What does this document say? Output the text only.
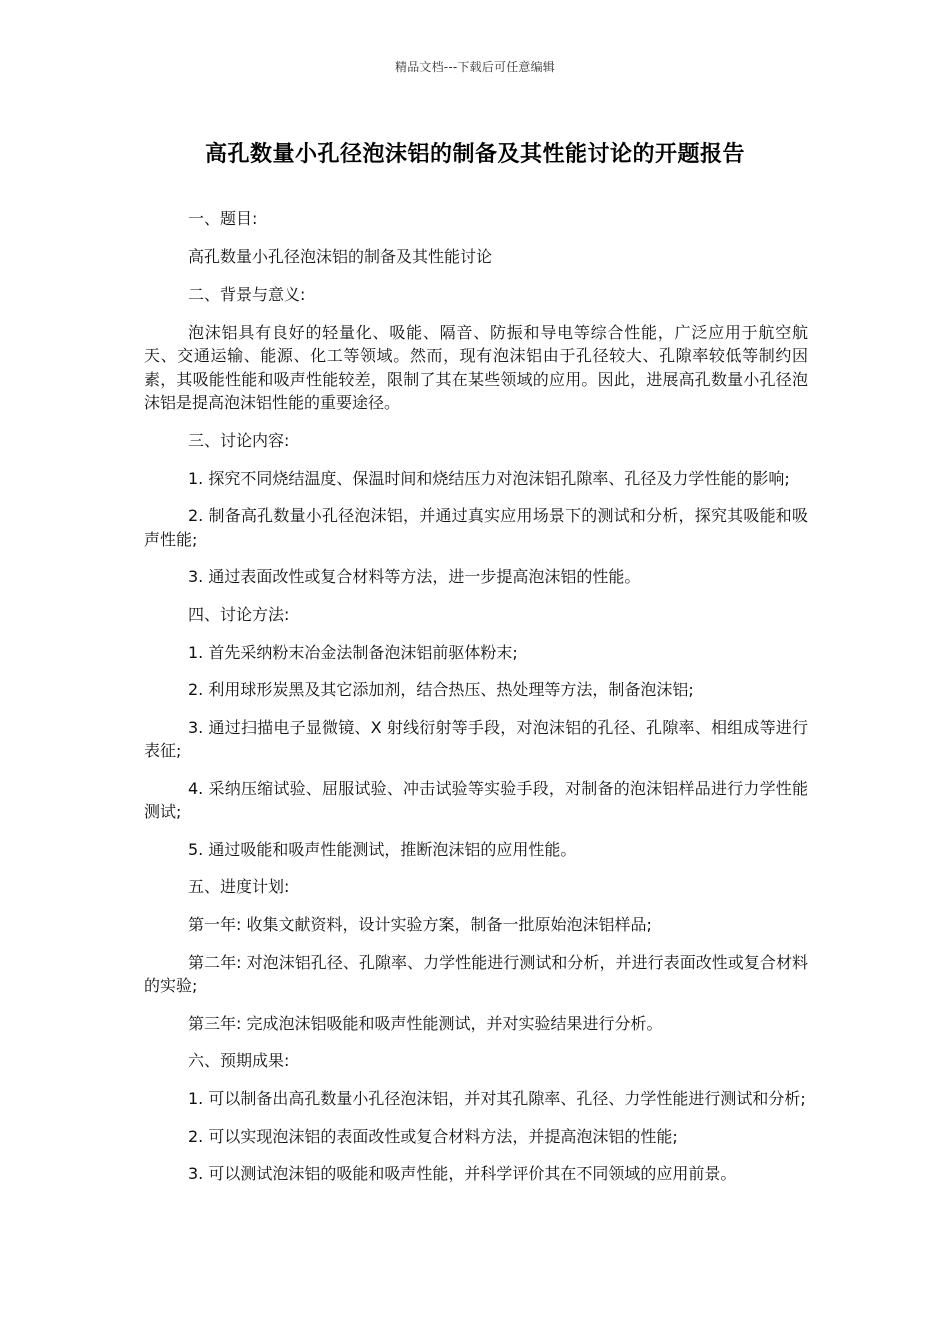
精品文档---下载后可任意编辑
高孔数量小孔径泡沫铝的制备及其性能讨论的开题报告

一、题目:

高孔数量小孔径泡沫铝的制备及其性能讨论

二、背景与意义:

泡沫铝具有良好的轻量化、吸能、隔音、防振和导电等综合性能，广泛应用于航空航天、交通运输、能源、化工等领域。然而，现有泡沫铝由于孔径较大、孔隙率较低等制约因素，其吸能性能和吸声性能较差，限制了其在某些领域的应用。因此，进展高孔数量小孔径泡沫铝是提高泡沫铝性能的重要途径。

三、讨论内容:

1. 探究不同烧结温度、保温时间和烧结压力对泡沫铝孔隙率、孔径及力学性能的影响;

2. 制备高孔数量小孔径泡沫铝，并通过真实应用场景下的测试和分析，探究其吸能和吸声性能;

3. 通过表面改性或复合材料等方法，进一步提高泡沫铝的性能。

四、讨论方法:

1. 首先采纳粉末冶金法制备泡沫铝前驱体粉末;

2. 利用球形炭黑及其它添加剂，结合热压、热处理等方法，制备泡沫铝;

3. 通过扫描电子显微镜、X 射线衍射等手段，对泡沫铝的孔径、孔隙率、相组成等进行表征;

4. 采纳压缩试验、屈服试验、冲击试验等实验手段，对制备的泡沫铝样品进行力学性能测试;

5. 通过吸能和吸声性能测试，推断泡沫铝的应用性能。

五、进度计划:

第一年: 收集文献资料，设计实验方案，制备一批原始泡沫铝样品;

第二年: 对泡沫铝孔径、孔隙率、力学性能进行测试和分析，并进行表面改性或复合材料的实验;

第三年: 完成泡沫铝吸能和吸声性能测试，并对实验结果进行分析。

六、预期成果:

1. 可以制备出高孔数量小孔径泡沫铝，并对其孔隙率、孔径、力学性能进行测试和分析;

2. 可以实现泡沫铝的表面改性或复合材料方法，并提高泡沫铝的性能;

3. 可以测试泡沫铝的吸能和吸声性能，并科学评价其在不同领域的应用前景。
